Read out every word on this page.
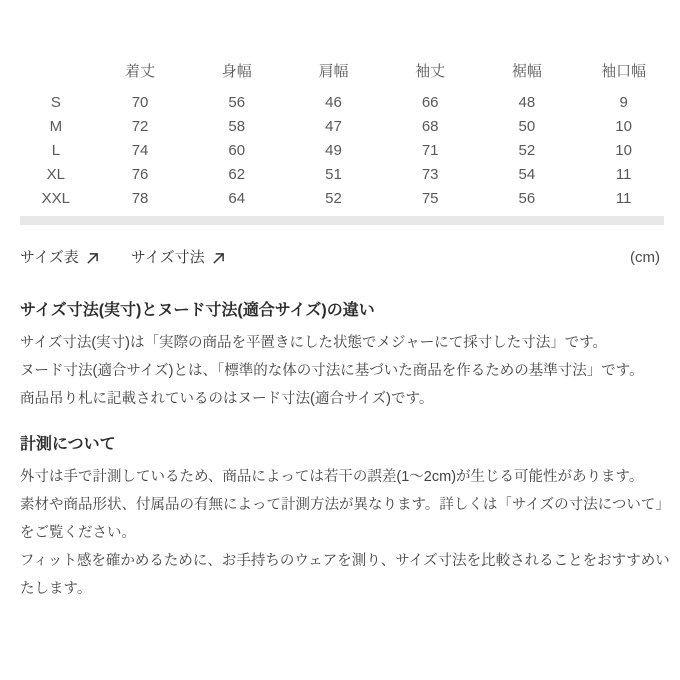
	着丈	身幅	肩幅	袖丈	裾幅	袖口幅
S	70	56	46	66	48	9
M	72	58	47	68	50	10
L	74	60	49	71	52	10
XL	76	62	51	73	54	11
XXL	78	64	52	75	56	11
サイズ表	サイズ寸法	(cm)
サイズ寸法(実寸)とヌード寸法(適合サイズ)の違い

サイズ寸法(実寸)は「実際の商品を平置きにした状態でメジャーにて採寸した寸法」です。

ヌード寸法(適合サイズ)とは、「標準的な体の寸法に基づいた商品を作るための基準寸法」です。

商品吊り札に記載されているのはヌード寸法(適合サイズ)です。

計測について

外寸は手で計測しているため、商品によっては若干の誤差(1〜2cm)が生じる可能性があります。

素材や商品形状、付属品の有無によって計測方法が異なります。詳しくは「サイズの寸法について」をご覧ください。

フィット感を確かめるために、お手持ちのウェアを測り、サイズ寸法を比較されることをおすすめいたします。
